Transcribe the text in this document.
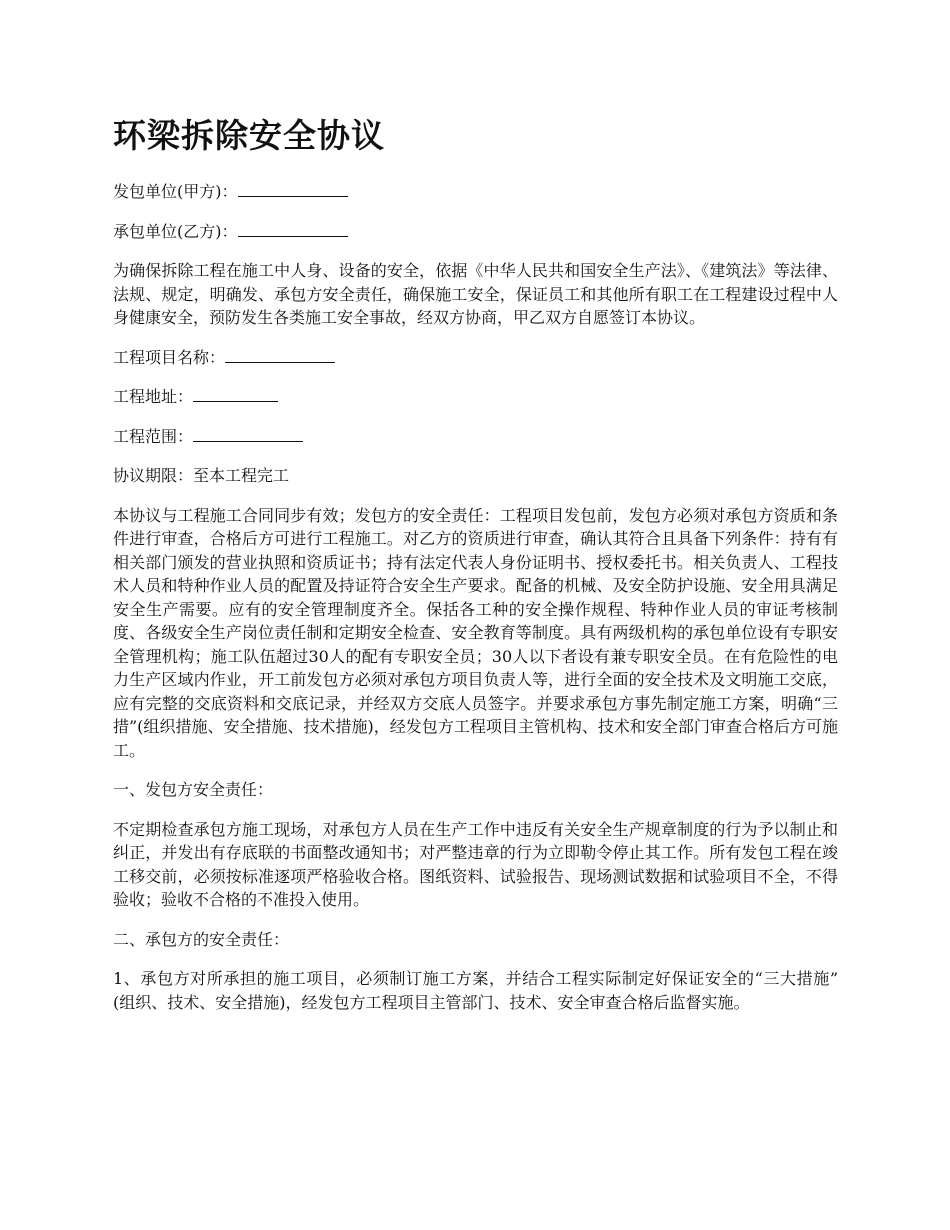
环梁拆除安全协议

发包单位(甲方)：

承包单位(乙方)：

为确保拆除工程在施工中人身、设备的安全，依据《中华人民共和国安全生产法》、《建筑法》等法律、法规、规定，明确发、承包方安全责任，确保施工安全，保证员工和其他所有职工在工程建设过程中人身健康安全，预防发生各类施工安全事故，经双方协商，甲乙双方自愿签订本协议。

工程项目名称：

工程地址：

工程范围：

协议期限：至本工程完工

本协议与工程施工合同同步有效；发包方的安全责任：工程项目发包前，发包方必须对承包方资质和条件进行审查，合格后方可进行工程施工。对乙方的资质进行审查，确认其符合且具备下列条件：持有有相关部门颁发的营业执照和资质证书；持有法定代表人身份证明书、授权委托书。相关负责人、工程技术人员和特种作业人员的配置及持证符合安全生产要求。配备的机械、及安全防护设施、安全用具满足安全生产需要。应有的安全管理制度齐全。保括各工种的安全操作规程、特种作业人员的审证考核制度、各级安全生产岗位责任制和定期安全检查、安全教育等制度。具有两级机构的承包单位设有专职安全管理机构；施工队伍超过30人的配有专职安全员；30人以下者设有兼专职安全员。在有危险性的电力生产区域内作业，开工前发包方必须对承包方项目负责人等，进行全面的安全技术及文明施工交底，应有完整的交底资料和交底记录，并经双方交底人员签字。并要求承包方事先制定施工方案，明确“三措”(组织措施、安全措施、技术措施)，经发包方工程项目主管机构、技术和安全部门审查合格后方可施工。

一、发包方安全责任：

不定期检查承包方施工现场，对承包方人员在生产工作中违反有关安全生产规章制度的行为予以制止和纠正，并发出有存底联的书面整改通知书；对严整违章的行为立即勒令停止其工作。所有发包工程在竣工移交前，必须按标准逐项严格验收合格。图纸资料、试验报告、现场测试数据和试验项目不全，不得验收；验收不合格的不准投入使用。

二、承包方的安全责任：

1、承包方对所承担的施工项目，必须制订施工方案，并结合工程实际制定好保证安全的“三大措施” (组织、技术、安全措施)，经发包方工程项目主管部门、技术、安全审查合格后监督实施。
